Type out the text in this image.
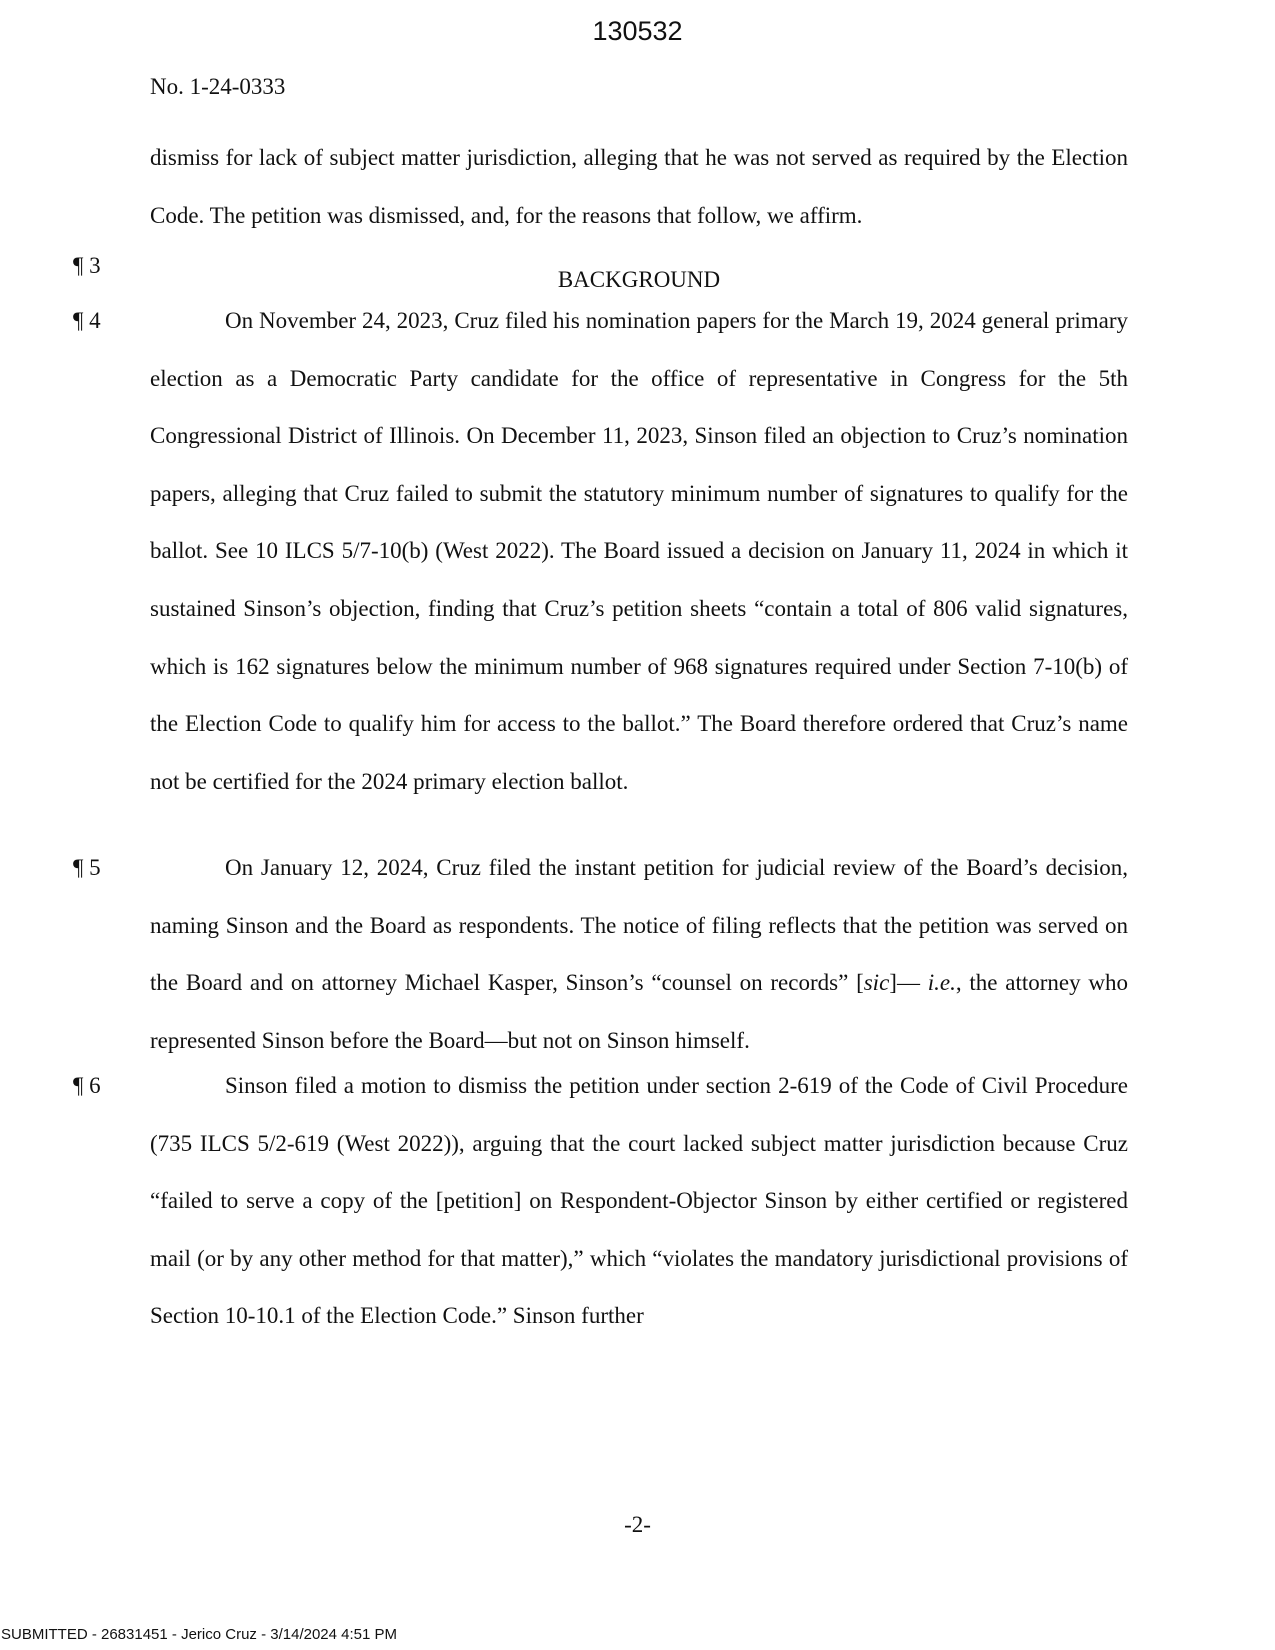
130532
No. 1-24-0333

dismiss for lack of subject matter jurisdiction, alleging that he was not served as required by the Election Code. The petition was dismissed, and, for the reasons that follow, we affirm.

¶ 3
BACKGROUND
¶ 4	On November 24, 2023, Cruz filed his nomination papers for the March 19, 2024 general primary election as a Democratic Party candidate for the office of representative in Congress for the 5th Congressional District of Illinois. On December 11, 2023, Sinson filed an objection to Cruz’s nomination papers, alleging that Cruz failed to submit the statutory minimum number of signatures to qualify for the ballot. See 10 ILCS 5/7-10(b) (West 2022). The Board issued a decision on January 11, 2024 in which it sustained Sinson’s objection, finding that Cruz’s petition sheets “contain a total of 806 valid signatures, which is 162 signatures below the minimum number of 968 signatures required under Section 7-10(b) of the Election Code to qualify him for access to the ballot.” The Board therefore ordered that Cruz’s name not be certified for the 2024 primary election ballot.

¶ 5	On January 12, 2024, Cruz filed the instant petition for judicial review of the Board’s decision, naming Sinson and the Board as respondents. The notice of filing reflects that the petition was served on the Board and on attorney Michael Kasper, Sinson’s “counsel on records” [sic]— i.e., the attorney who represented Sinson before the Board—but not on Sinson himself.

¶ 6	Sinson filed a motion to dismiss the petition under section 2-619 of the Code of Civil Procedure (735 ILCS 5/2-619 (West 2022)), arguing that the court lacked subject matter jurisdiction because Cruz “failed to serve a copy of the [petition] on Respondent-Objector Sinson by either certified or registered mail (or by any other method for that matter),” which “violates the mandatory jurisdictional provisions of Section 10-10.1 of the Election Code.” Sinson further

-2-
SUBMITTED - 26831451 - Jerico Cruz - 3/14/2024 4:51 PM
